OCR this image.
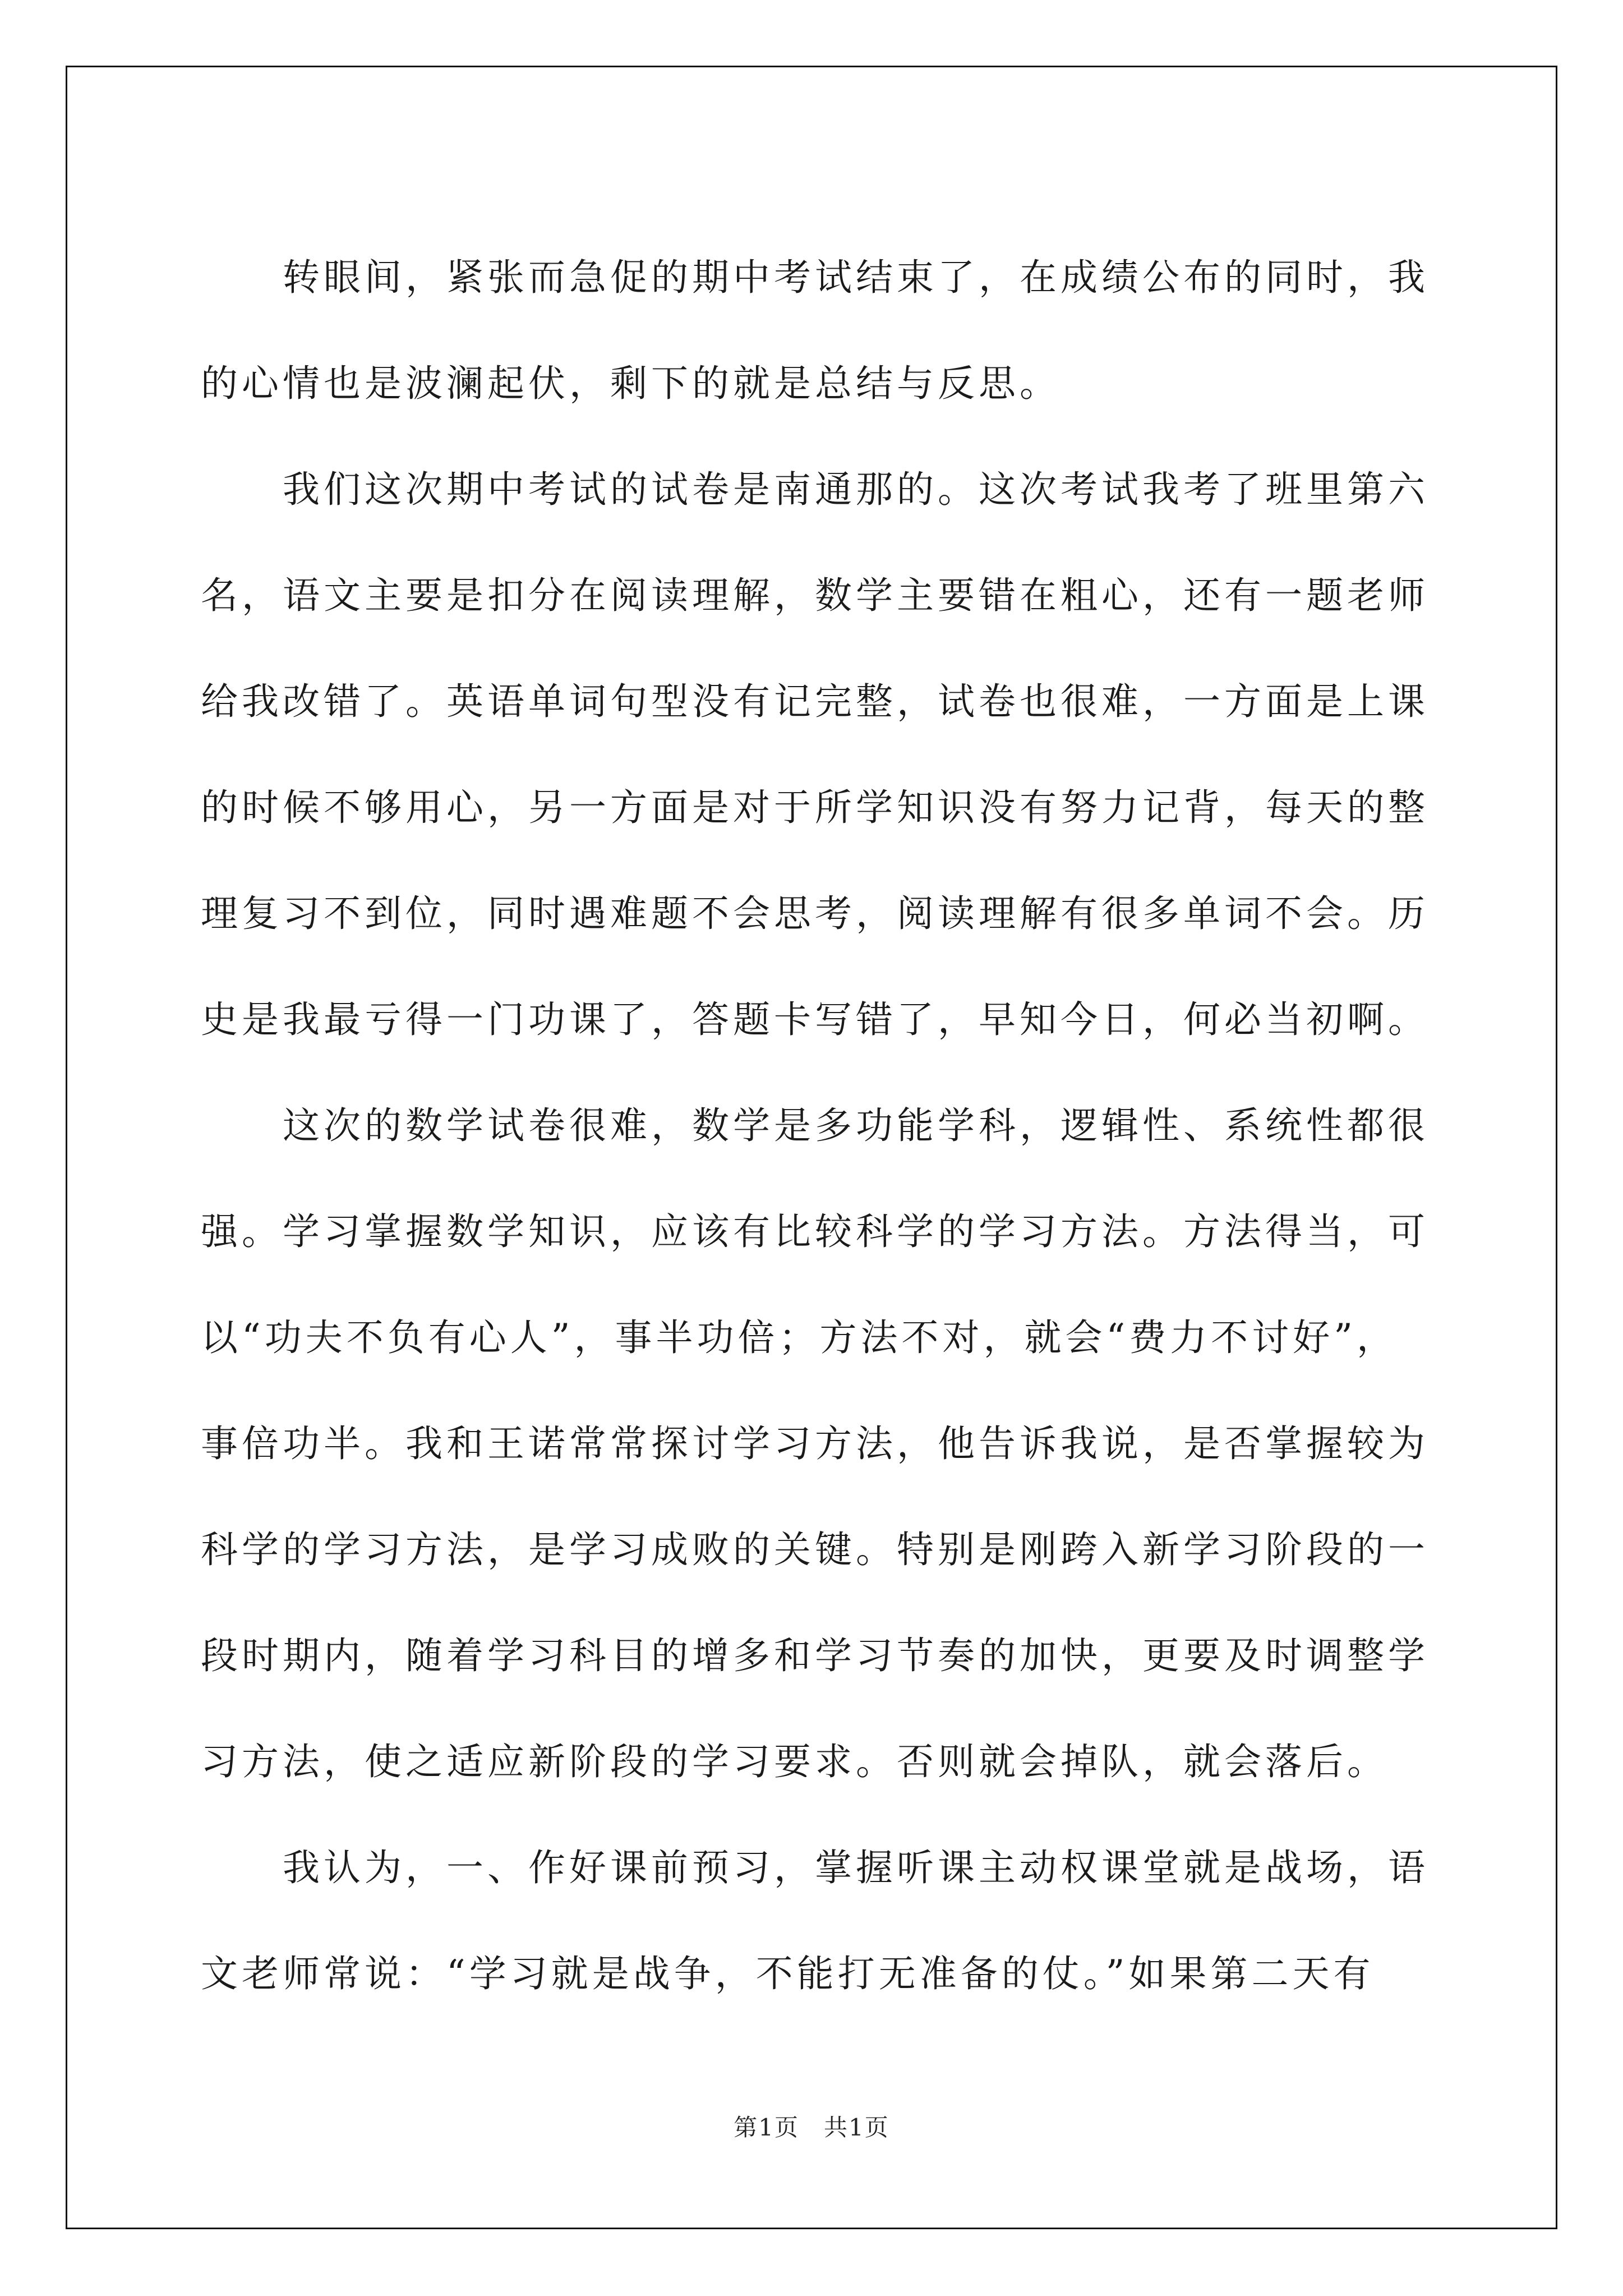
转眼间，紧张而急促的期中考试结束了，在成绩公布的同时，我
的心情也是波澜起伏，剩下的就是总结与反思。

我们这次期中考试的试卷是南通那的。这次考试我考了班里第六
名，语文主要是扣分在阅读理解，数学主要错在粗心，还有一题老师
给我改错了。英语单词句型没有记完整，试卷也很难，一方面是上课
的时候不够用心，另一方面是对于所学知识没有努力记背，每天的整
理复习不到位，同时遇难题不会思考，阅读理解有很多单词不会。历
史是我最亏得一门功课了，答题卡写错了，早知今日，何必当初啊。

这次的数学试卷很难，数学是多功能学科，逻辑性、系统性都很
强。学习掌握数学知识，应该有比较科学的学习方法。方法得当，可
以“功夫不负有心人”，事半功倍；方法不对，就会“费力不讨好”，
事倍功半。我和王诺常常探讨学习方法，他告诉我说，是否掌握较为
科学的学习方法，是学习成败的关键。特别是刚跨入新学习阶段的一
段时期内，随着学习科目的增多和学习节奏的加快，更要及时调整学
习方法，使之适应新阶段的学习要求。否则就会掉队，就会落后。

我认为，一、作好课前预习，掌握听课主动权课堂就是战场，语
文老师常说：“学习就是战争，不能打无准备的仗。”如果第二天有

第1页　共1页
